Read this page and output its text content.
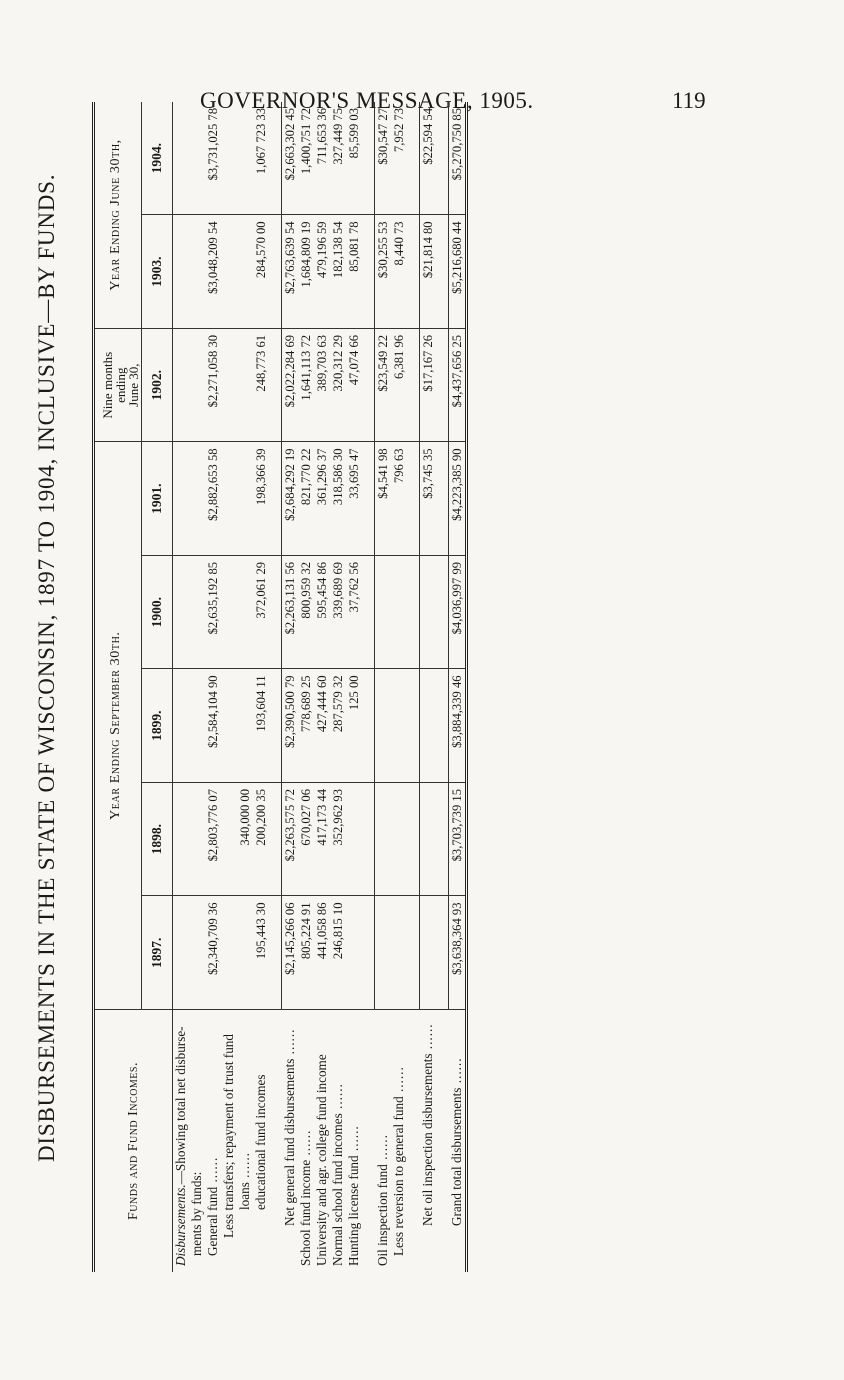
GOVERNOR'S MESSAGE, 1905.	119
DISBURSEMENTS IN THE STATE OF WISCONSIN, 1897 TO 1904, INCLUSIVE—BY FUNDS.	Funds and Fund Incomes.	Year Ending September 30th.					Nine months
ending
June 30,	Year Ending June 30th,	
	1897.	1898.	1899.	1900.	1901.	1902.	1903.	1904.
Disbursements.—Showing total net disburse-								
ments by funds:								
General fund ......	$2,340,709 36	$2,803,776 07	$2,584,104 90	$2,635,192 85	$2,882,653 58	$2,271,058 30	$3,048,209 54	$3,731,025 78
Less transfers; repayment of trust fund								
loans ......		340,000 00						
educational fund incomes	195,443 30	200,200 35	193,604 11	372,061 29	198,366 39	248,773 61	284,570 00	1,067 723 33

Net general fund disbursements ......	$2,145,266 06	$2,263,575 72	$2,390,500 79	$2,263,131 56	$2,684,292 19	$2,022,284 69	$2,763,639 54	$2,663,302 45
School fund income ......	805,224 91	670,027 06	778,689 25	800,959 32	821,770 22	1,641,113 72	1,684,809 19	1,400,751 72
University and agr. college fund income	441,058 86	417,173 44	427,444 60	595,454 86	361,296 37	389,703 63	479,196 59	711,653 36
Normal school fund incomes ......	246,815 10	352,962 93	287,579 32	339,689 69	318,586 30	320,312 29	182,138 54	327,449 75
Hunting license fund ......			125 00	37,762 56	33,695 47	47,074 66	85,081 78	85,599 03

Oil inspection fund ......					$4,541 98	$23,549 22	$30,255 53	$30,547 27
Less reversion to general fund ......					796 63	6,381 96	8,440 73	7,952 73

Net oil inspection disbursements ......					$3,745 35	$17,167 26	$21,814 80	$22,594 54

Grand total disbursements ......	$3,638,364 93	$3,703,739 15	$3,884,339 46	$4,036,997 99	$4,223,385 90	$4,437,656 25	$5,216,680 44	$5,270,750 85
